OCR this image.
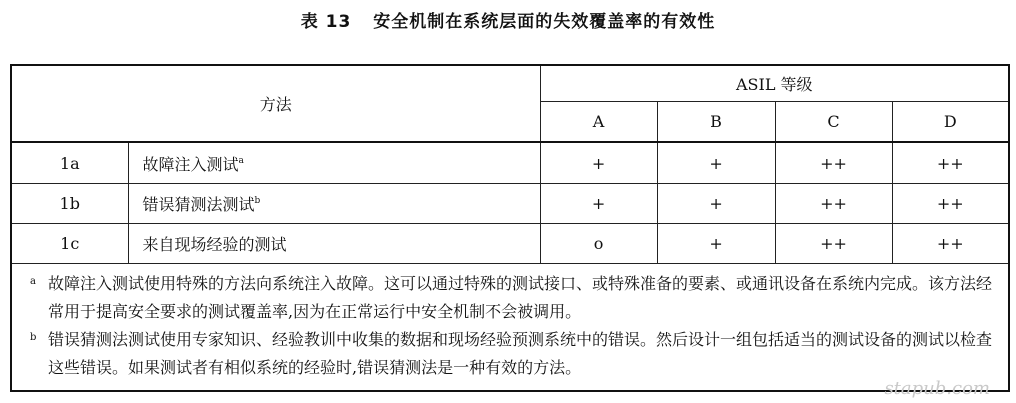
表 13 安全机制在系统层面的失效覆盖率的有效性
方法		ASIL 等级			
		A	B	C	D
1a	故障注入测试$^a$	+	+	++	++
1b	错误猜测法测试$^b$	+	+	++	++
1c	来自现场经验的测试	o	+	++	++

a 故障注入测试使用特殊的方法向系统注入故障。这可以通过特殊的测试接口、或特殊准备的要素、或通讯设备在系统内完成。该方法经常用于提高安全要求的测试覆盖率,因为在正常运行中安全机制不会被调用。
b 错误猜测法测试使用专家知识、经验教训中收集的数据和现场经验预测系统中的错误。然后设计一组包括适当的测试设备的测试以检查这些错误。如果测试者有相似系统的经验时,错误猜测法是一种有效的方法。					
stapub.com
